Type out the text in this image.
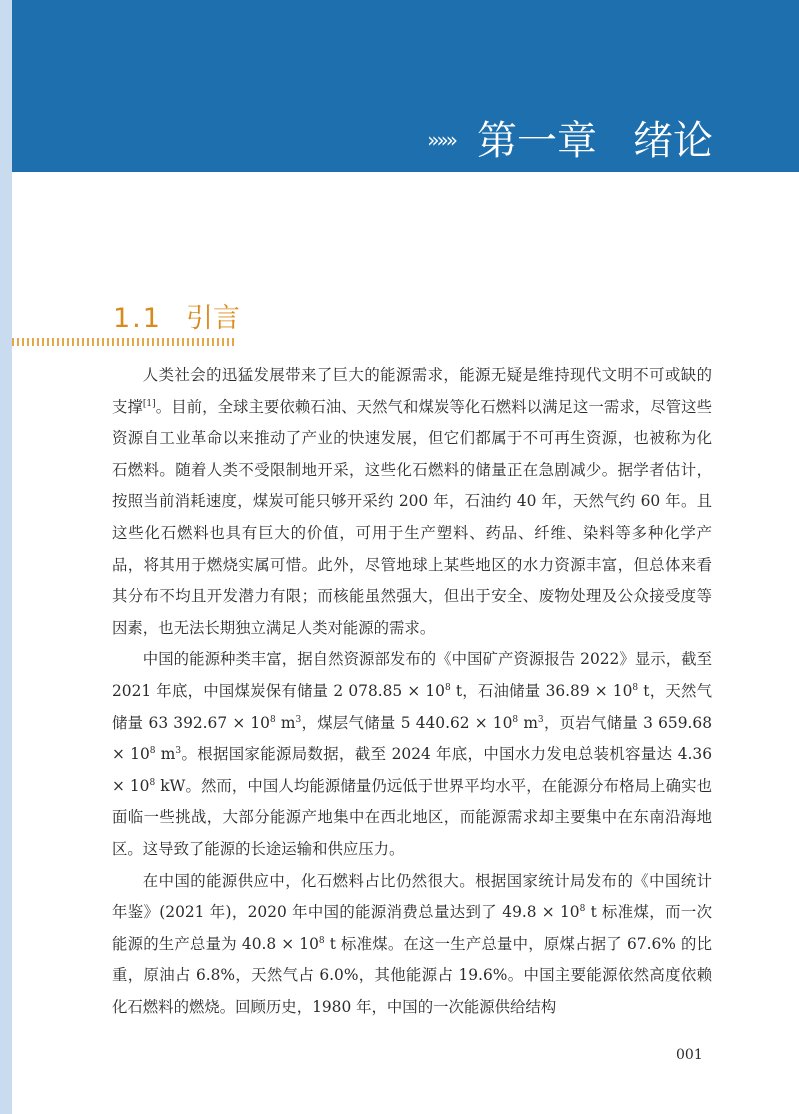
»»» 第一章 绪论
1.1 引言

人类社会的迅猛发展带来了巨大的能源需求，能源无疑是维持现代文明不可或缺的支撑[1]。目前，全球主要依赖石油、天然气和煤炭等化石燃料以满足这一需求，尽管这些资源自工业革命以来推动了产业的快速发展，但它们都属于不可再生资源，也被称为化石燃料。随着人类不受限制地开采，这些化石燃料的储量正在急剧减少。据学者估计，按照当前消耗速度，煤炭可能只够开采约 200 年，石油约 40 年，天然气约 60 年。且这些化石燃料也具有巨大的价值，可用于生产塑料、药品、纤维、染料等多种化学产品，将其用于燃烧实属可惜。此外，尽管地球上某些地区的水力资源丰富，但总体来看其分布不均且开发潜力有限；而核能虽然强大，但出于安全、废物处理及公众接受度等因素，也无法长期独立满足人类对能源的需求。

中国的能源种类丰富，据自然资源部发布的《中国矿产资源报告 2022》显示，截至 2021 年底，中国煤炭保有储量 2 $078.85 \times 10^8$ t，石油储量 $36.89 \times 10^8$ t，天然气储量 63 $392.67 \times 10^8$ $m^3$，煤层气储量 5 $440.62 \times 10^8$ $m^3$，页岩气储量 3 $659.68 \times 10^8$ $m^3$。根据国家能源局数据，截至 2024 年底，中国水力发电总装机容量达 $4.36 \times 10^8$ kW。然而，中国人均能源储量仍远低于世界平均水平，在能源分布格局上确实也面临一些挑战，大部分能源产地集中在西北地区，而能源需求却主要集中在东南沿海地区。这导致了能源的长途运输和供应压力。

在中国的能源供应中，化石燃料占比仍然很大。根据国家统计局发布的《中国统计年鉴》(2021 年)，2020 年中国的能源消费总量达到了 $49.8 \times 10^8$ t 标准煤，而一次能源的生产总量为 $40.8 \times 10^8$ t 标准煤。在这一生产总量中，原煤占据了 67.6% 的比重，原油占 6.8%，天然气占 6.0%，其他能源占 19.6%。中国主要能源依然高度依赖化石燃料的燃烧。回顾历史，1980 年，中国的一次能源供给结构

001
